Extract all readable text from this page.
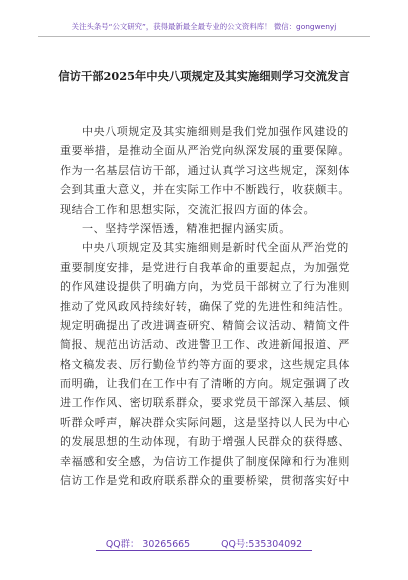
关注头条号“公文研究”，获得最新最全最专业的公文资料库！ 微信：gongwenyj
信访干部2025年中央八项规定及其实施细则学习交流发言
中央八项规定及其实施细则是我们党加强作风建设的
重要举措，是推动全面从严治党向纵深发展的重要保障。
作为一名基层信访干部，通过认真学习这些规定，深刻体
会到其重大意义，并在实际工作中不断践行，收获颇丰。
现结合工作和思想实际，交流汇报四方面的体会。
一、坚持学深悟透，精准把握内涵实质。
中央八项规定及其实施细则是新时代全面从严治党的
重要制度安排，是党进行自我革命的重要起点，为加强党
的作风建设提供了明确方向，为党员干部树立了行为准则
推动了党风政风持续好转，确保了党的先进性和纯洁性。
规定明确提出了改进调查研究、精简会议活动、精简文件
简报、规范出访活动、改进警卫工作、改进新闻报道、严
格文稿发表、厉行勤俭节约等方面的要求，这些规定具体
而明确，让我们在工作中有了清晰的方向。规定强调了改
进工作作风、密切联系群众，要求党员干部深入基层、倾
听群众呼声，解决群众实际问题，这是坚持以人民为中心
的发展思想的生动体现，有助于增强人民群众的获得感、
幸福感和安全感，为信访工作提供了制度保障和行为准则
信访工作是党和政府联系群众的重要桥梁，贯彻落实好中
QQ群： 30265665	QQ号:535304092
